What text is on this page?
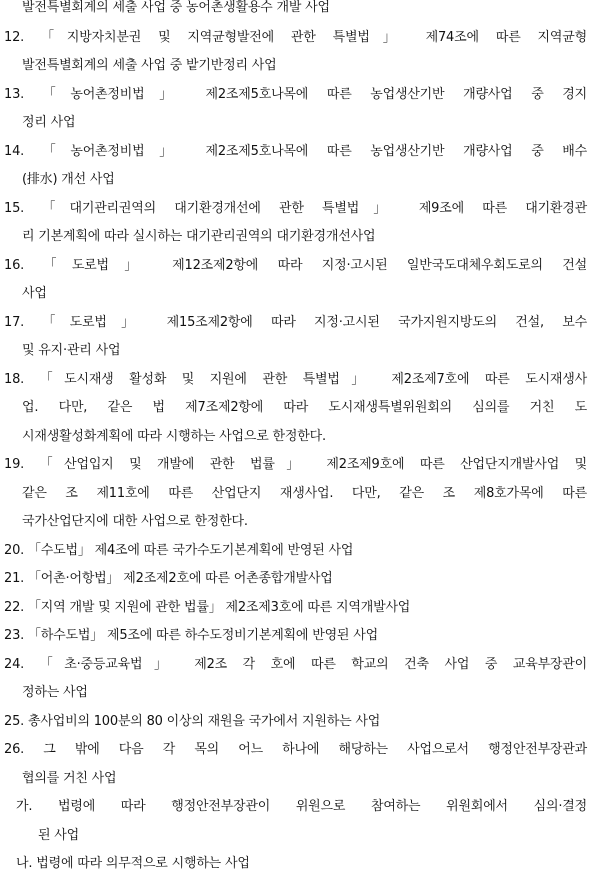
발전특별회계의 세출 사업 중 농어촌생활용수 개발 사업
12. 「지방자치분권 및 지역균형발전에 관한 특별법」 제74조에 따른 지역균형
발전특별회계의 세출 사업 중 밭기반정리 사업
13. 「농어촌정비법」 제2조제5호나목에 따른 농업생산기반 개량사업 중 경지
정리 사업
14. 「농어촌정비법」 제2조제5호나목에 따른 농업생산기반 개량사업 중 배수
(排水) 개선 사업
15. 「대기관리권역의 대기환경개선에 관한 특별법」 제9조에 따른 대기환경관
리 기본계획에 따라 실시하는 대기관리권역의 대기환경개선사업
16. 「도로법」 제12조제2항에 따라 지정·고시된 일반국도대체우회도로의 건설
사업
17. 「도로법」 제15조제2항에 따라 지정·고시된 국가지원지방도의 건설, 보수
및 유지·관리 사업
18. 「도시재생 활성화 및 지원에 관한 특별법」 제2조제7호에 따른 도시재생사
업. 다만, 같은 법 제7조제2항에 따라 도시재생특별위원회의 심의를 거친 도
시재생활성화계획에 따라 시행하는 사업으로 한정한다.
19. 「산업입지 및 개발에 관한 법률」 제2조제9호에 따른 산업단지개발사업 및
같은 조 제11호에 따른 산업단지 재생사업. 다만, 같은 조 제8호가목에 따른
국가산업단지에 대한 사업으로 한정한다.
20. 「수도법」 제4조에 따른 국가수도기본계획에 반영된 사업
21. 「어촌·어항법」 제2조제2호에 따른 어촌종합개발사업
22. 「지역 개발 및 지원에 관한 법률」 제2조제3호에 따른 지역개발사업
23. 「하수도법」 제5조에 따른 하수도정비기본계획에 반영된 사업
24. 「초·중등교육법」 제2조 각 호에 따른 학교의 건축 사업 중 교육부장관이
정하는 사업
25. 총사업비의 100분의 80 이상의 재원을 국가에서 지원하는 사업
26. 그 밖에 다음 각 목의 어느 하나에 해당하는 사업으로서 행정안전부장관과
협의를 거친 사업
가. 법령에 따라 행정안전부장관이 위원으로 참여하는 위원회에서 심의·결정
된 사업
나. 법령에 따라 의무적으로 시행하는 사업
